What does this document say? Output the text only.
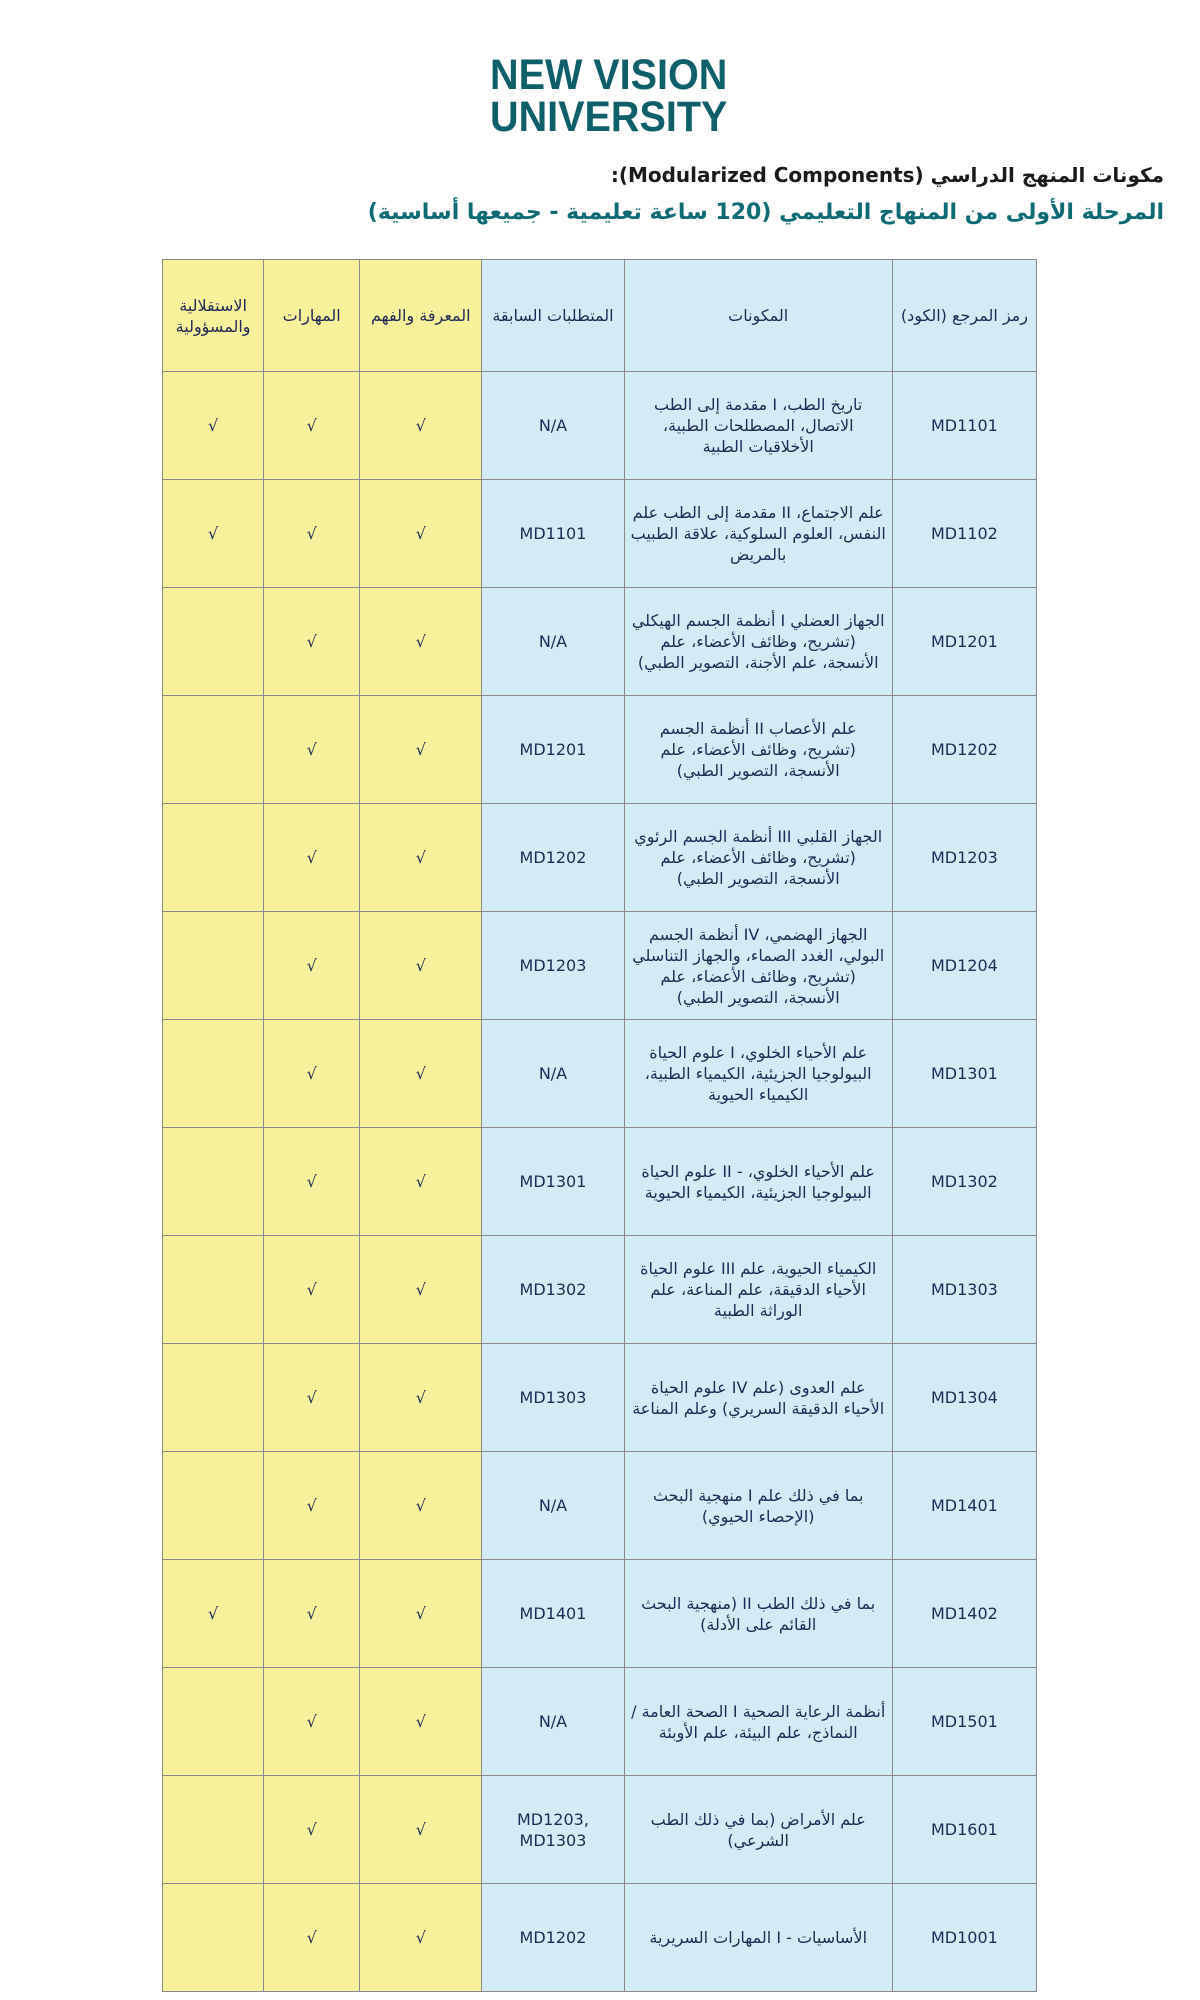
NEW VISION
UNIVERSITY
مكونات المنهج الدراسي (Modularized Components):
المرحلة الأولى من المنهاج التعليمي (120 ساعة تعليمية - جميعها أساسية)
رمز المرجع (الكود)	المكونات	المتطلبات السابقة	المعرفة والفهم	المهارات	الاستقلالية والمسؤولية
MD1101	تاريخ الطب، I مقدمة إلى الطب الاتصال، المصطلحات الطبية، الأخلاقيات الطبية	N/A	√	√	√
MD1102	علم الاجتماع، II مقدمة إلى الطب علم النفس، العلوم السلوكية، علاقة الطبيب بالمريض	MD1101	√	√	√
MD1201	الجهاز العضلي I أنظمة الجسم الهيكلي (تشريح، وظائف الأعضاء، علم الأنسجة، علم الأجنة، التصوير الطبي)	N/A	√	√	
MD1202	علم الأعصاب II أنظمة الجسم (تشريح، وظائف الأعضاء، علم الأنسجة، التصوير الطبي)	MD1201	√	√	
MD1203	الجهاز القلبي III أنظمة الجسم الرئوي (تشريح، وظائف الأعضاء، علم الأنسجة، التصوير الطبي)	MD1202	√	√	
MD1204	الجهاز الهضمي، IV أنظمة الجسم البولي، الغدد الصماء، والجهاز التناسلي (تشريح، وظائف الأعضاء، علم الأنسجة، التصوير الطبي)	MD1203	√	√	
MD1301	علم الأحياء الخلوي، I علوم الحياة البيولوجيا الجزيئية، الكيمياء الطبية، الكيمياء الحيوية	N/A	√	√	
MD1302	علم الأحياء الخلوي، - II علوم الحياة البيولوجيا الجزيئية، الكيمياء الحيوية	MD1301	√	√	
MD1303	الكيمياء الحيوية، علم III علوم الحياة الأحياء الدقيقة، علم المناعة، علم الوراثة الطبية	MD1302	√	√	
MD1304	علم العدوى (علم IV علوم الحياة الأحياء الدقيقة السريري) وعلم المناعة	MD1303	√	√	
MD1401	بما في ذلك علم I منهجية البحث (الإحصاء الحيوي)	N/A	√	√	
MD1402	بما في ذلك الطب II (منهجية البحث القائم على الأدلة)	MD1401	√	√	√
MD1501	أنظمة الرعاية الصحية I الصحة العامة / النماذج، علم البيئة، علم الأوبئة	N/A	√	√	
MD1601	علم الأمراض (بما في ذلك الطب الشرعي)	MD1203, MD1303	√	√	
MD1001	الأساسيات - I المهارات السريرية	MD1202	√	√	
